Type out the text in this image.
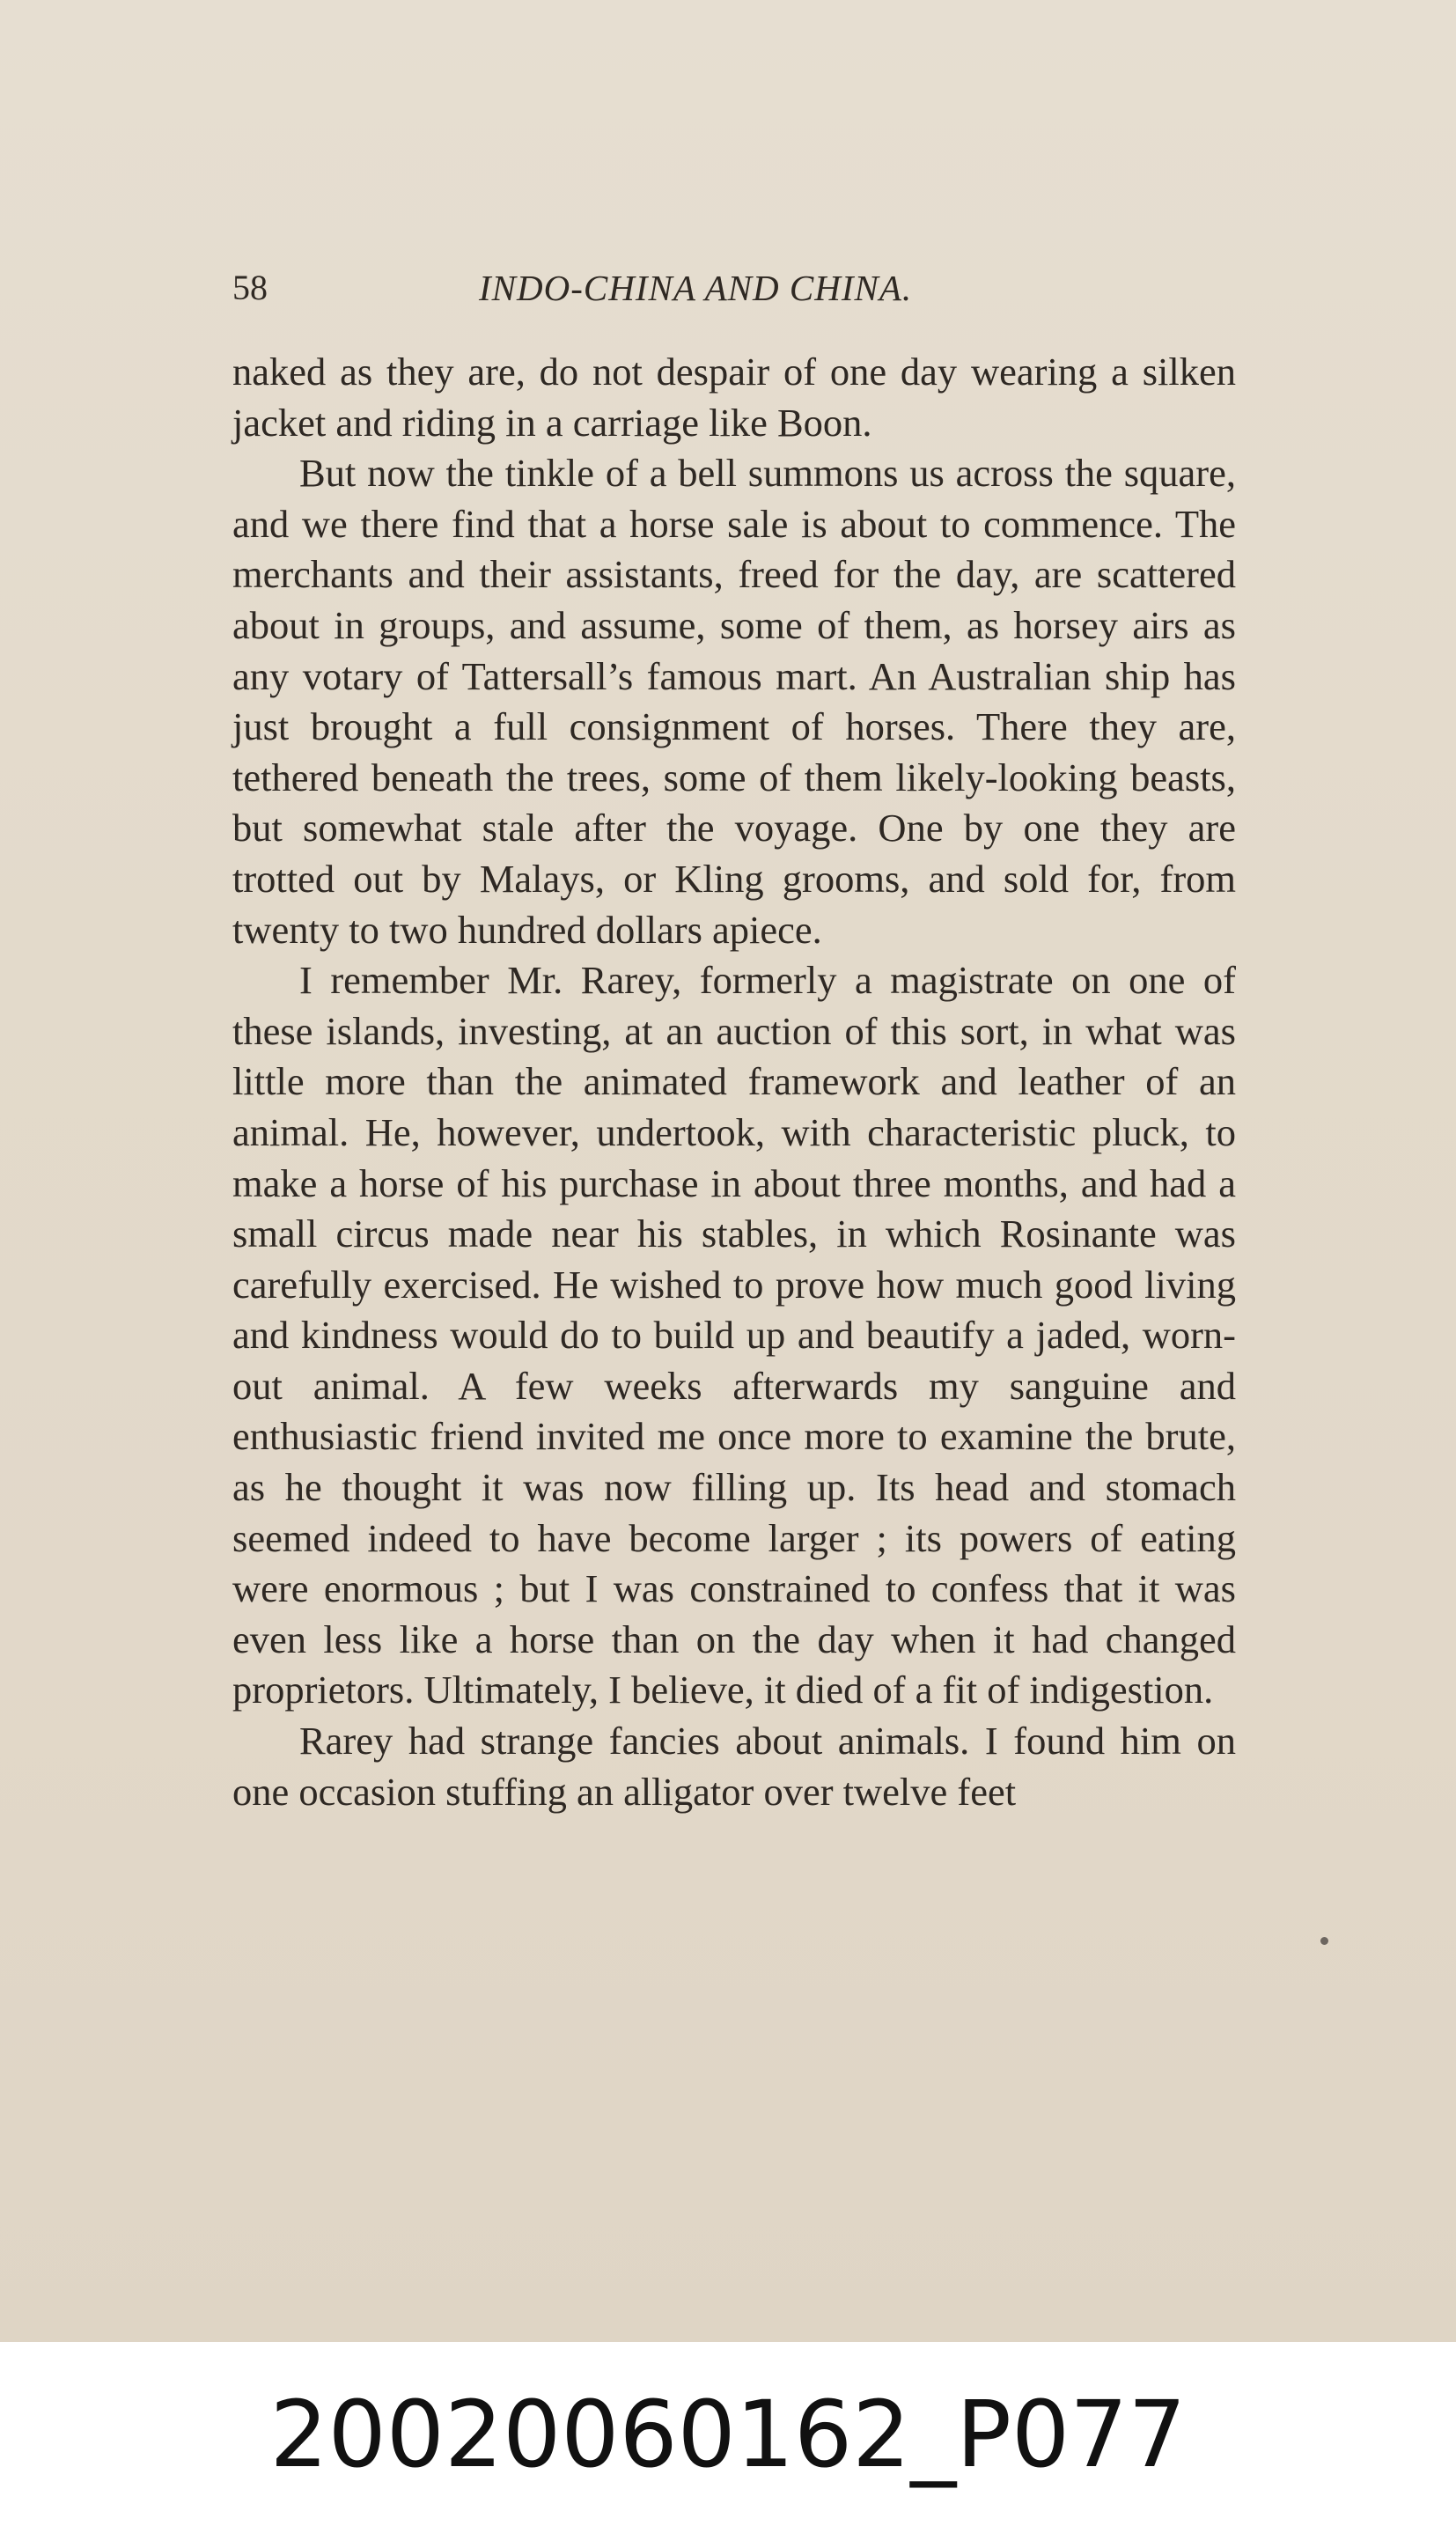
58	INDO-CHINA AND CHINA.

naked as they are, do not despair of one day wearing a silken jacket and riding in a carriage like Boon.

But now the tinkle of a bell summons us across the square, and we there find that a horse sale is about to commence. The merchants and their assistants, freed for the day, are scattered about in groups, and assume, some of them, as horsey airs as any votary of Tattersall’s famous mart. An Australian ship has just brought a full consignment of horses. There they are, tethered beneath the trees, some of them likely-looking beasts, but somewhat stale after the voyage. One by one they are trotted out by Malays, or Kling grooms, and sold for, from twenty to two hundred dollars apiece.

I remember Mr. Rarey, formerly a magistrate on one of these islands, investing, at an auction of this sort, in what was little more than the animated framework and leather of an animal. He, however, undertook, with characteristic pluck, to make a horse of his purchase in about three months, and had a small circus made near his stables, in which Rosinante was carefully exercised. He wished to prove how much good living and kindness would do to build up and beautify a jaded, worn-out animal. A few weeks afterwards my sanguine and enthusiastic friend invited me once more to examine the brute, as he thought it was now filling up. Its head and stomach seemed indeed to have become larger ; its powers of eating were enormous ; but I was constrained to confess that it was even less like a horse than on the day when it had changed proprietors. Ultimately, I believe, it died of a fit of indigestion.

Rarey had strange fancies about animals. I found him on one occasion stuffing an alligator over twelve feet

20020060162_P077
